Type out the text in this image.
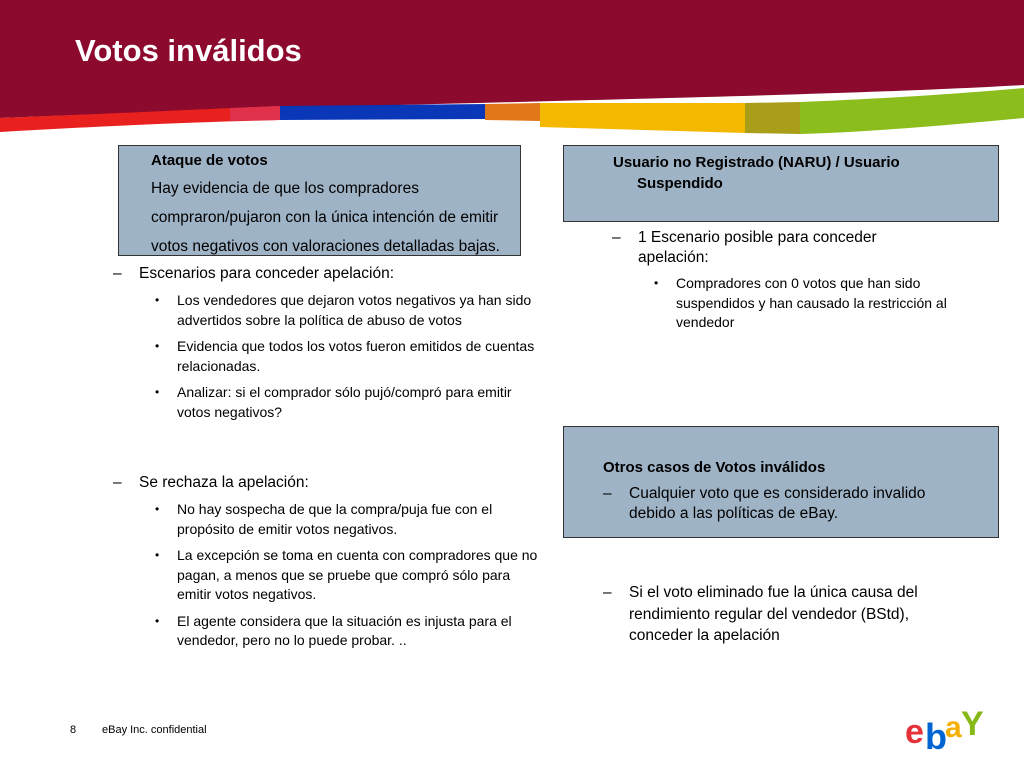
Votos inválidos
Ataque de votos
Hay evidencia de que los compradores
compraron/pujaron con la única intención de emitir
votos negativos con valoraciones detalladas bajas.
– Escenarios para conceder apelación:
• Los vendedores que dejaron votos negativos ya han sido advertidos sobre la política de abuso de votos
• Evidencia que todos los votos fueron emitidos de cuentas relacionadas.
• Analizar: si el comprador sólo pujó/compró para emitir votos negativos?
– Se rechaza la apelación:
• No hay sospecha de que la compra/puja fue con el propósito de emitir votos negativos.
• La excepción se toma en cuenta con compradores que no pagan, a menos que se pruebe que compró sólo para emitir votos negativos.
• El agente considera que la situación es injusta para el vendedor, pero no lo puede probar. ..
Usuario no Registrado (NARU) / Usuario Suspendido
– 1 Escenario posible para conceder apelación:
• Compradores con 0 votos que han sido suspendidos y han causado la restricción al vendedor
Otros casos de Votos inválidos
– Cualquier voto que es considerado invalido debido a las políticas de eBay.
– Si el voto eliminado fue la única causa del rendimiento regular del vendedor (BStd), conceder la apelación
8 eBay Inc. confidential	e b
a Y
